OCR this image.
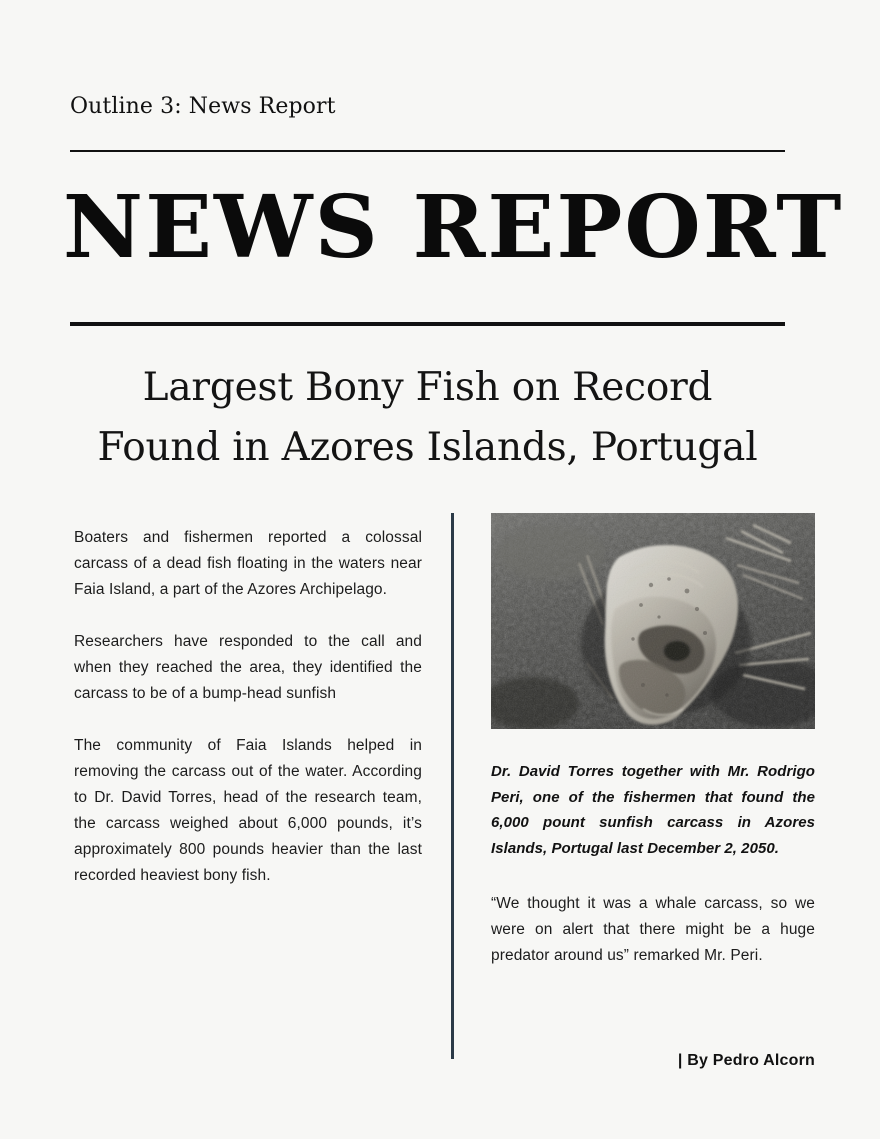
Outline 3: News Report
NEWS REPORT
Largest Bony Fish on Record
Found in Azores Islands, Portugal

Boaters and fishermen reported a colossal carcass of a dead fish floating in the waters near Faia Island, a part of the Azores Archipelago.

Researchers have responded to the call and when they reached the area, they identified the carcass to be of a bump-head sunfish

The community of Faia Islands helped in removing the carcass out of the water. According to Dr. David Torres, head of the research team, the carcass weighed about 6,000 pounds, it’s approximately 800 pounds heavier than the last recorded heaviest bony fish.

Dr. David Torres together with Mr. Rodrigo Peri, one of the fishermen that found the 6,000 pount sunfish carcass in Azores Islands, Portugal last December 2, 2050.

“We thought it was a whale carcass, so we were on alert that there might be a huge predator around us” remarked Mr. Peri.

| By Pedro Alcorn
